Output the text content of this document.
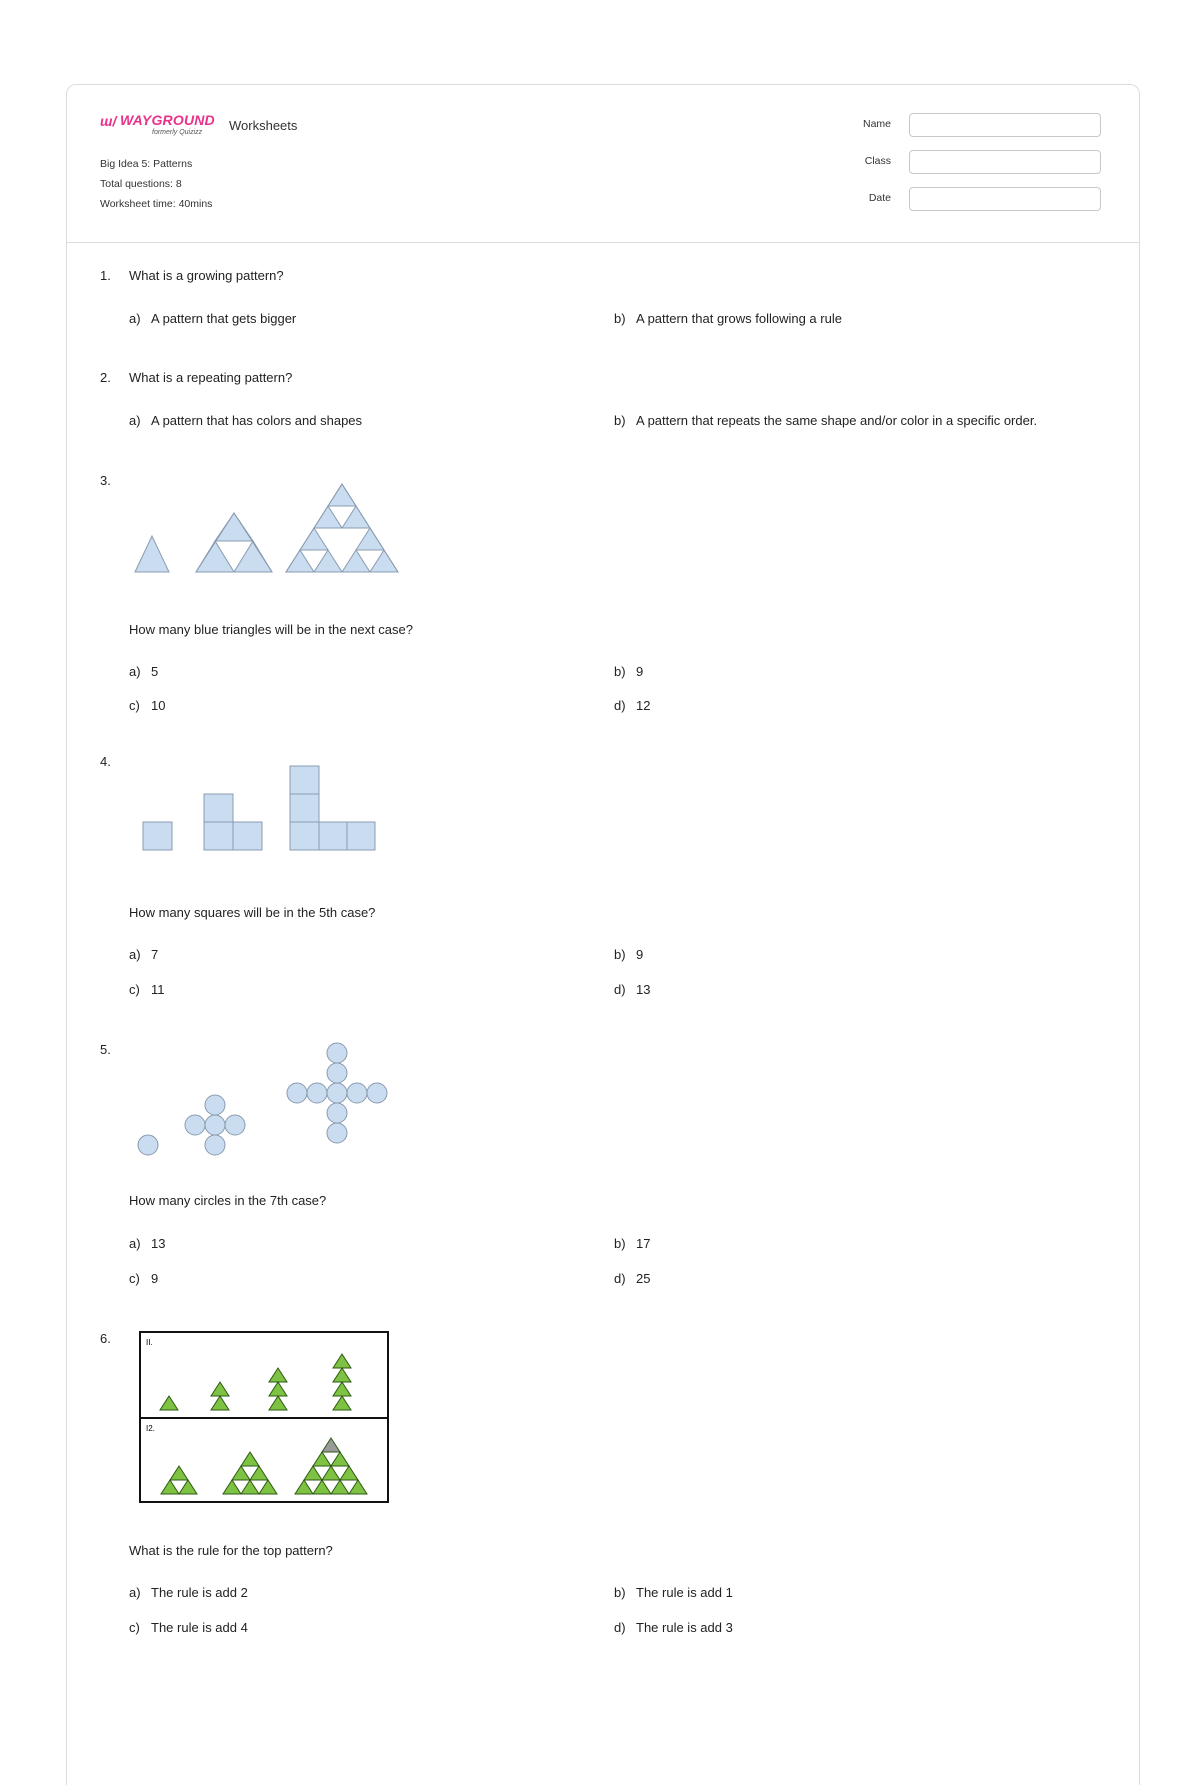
ɯ/ WAYGROUND
formerly Quizizz Worksheets
Big Idea 5: Patterns
Total questions: 8
Worksheet time: 40mins
Name
Class
Date
1. What is a growing pattern?
a) A pattern that gets bigger	b) A pattern that grows following a rule
2. What is a repeating pattern?
a) A pattern that has colors and shapes	b) A pattern that repeats the same shape and/or color in a specific order.
3.
How many blue triangles will be in the next case?
a) 5	b) 9
c) 10	d) 12
4.
How many squares will be in the 5th case?
a) 7	b) 9
c) 11	d) 13
5.
How many circles in the 7th case?
a) 13	b) 17
c) 9	d) 25
6.	II.
I2.
What is the rule for the top pattern?
a) The rule is add 2	b) The rule is add 1
c) The rule is add 4	d) The rule is add 3
